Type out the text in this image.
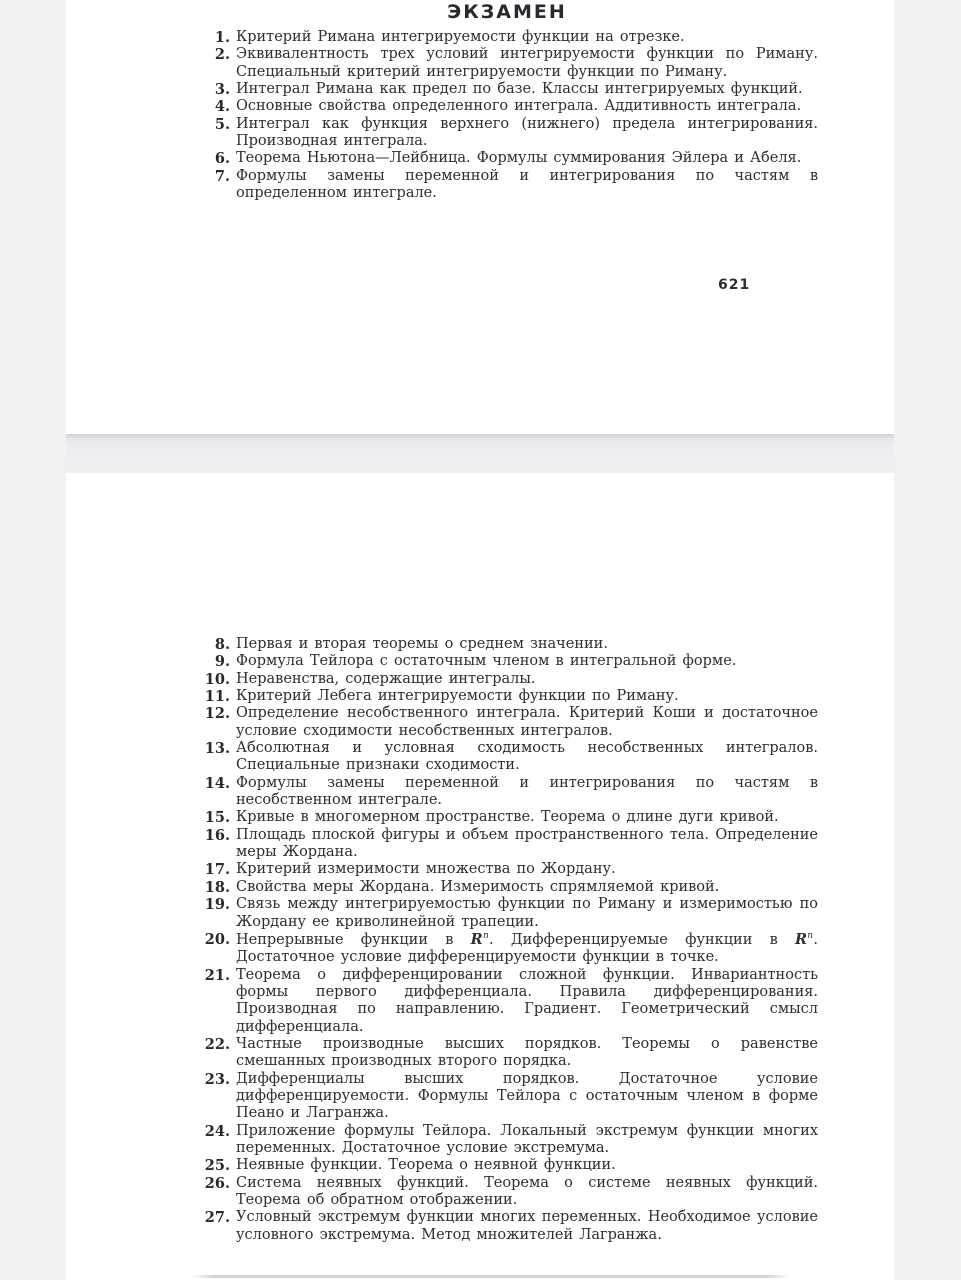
ЭКЗАМЕН
1. Критерий Римана интегрируемости функции на отрезке.
2. Эквивалентность трех условий интегрируемости функции по Риману. Специальный критерий интегрируемости функции по Риману.
3. Интеграл Римана как предел по базе. Классы интегрируемых функций.
4. Основные свойства определенного интеграла. Аддитивность интеграла.
5. Интеграл как функция верхнего (нижнего) предела интегрирования. Производная интеграла.
6. Теорема Ньютона—Лейбница. Формулы суммирования Эйлера и Абеля.
7. Формулы замены переменной и интегрирования по частям в определенном интеграле.
621
8. Первая и вторая теоремы о среднем значении.
9. Формула Тейлора с остаточным членом в интегральной форме.
10. Неравенства, содержащие интегралы.
11. Критерий Лебега интегрируемости функции по Риману.
12. Определение несобственного интеграла. Критерий Коши и достаточное условие сходимости несобственных интегралов.
13. Абсолютная и условная сходимость несобственных интегралов. Специальные признаки сходимости.
14. Формулы замены переменной и интегрирования по частям в несобственном интеграле.
15. Кривые в многомерном пространстве. Теорема о длине дуги кривой.
16. Площадь плоской фигуры и объем пространственного тела. Определение меры Жордана.
17. Критерий измеримости множества по Жордану.
18. Свойства меры Жордана. Измеримость спрямляемой кривой.
19. Связь между интегрируемостью функции по Риману и измеримостью по Жордану ее криволинейной трапеции.
20. Непрерывные функции в $R^n$. Дифференцируемые функции в $R^n$. Достаточное условие дифференцируемости функции в точке.
21. Теорема о дифференцировании сложной функции. Инвариантность формы первого дифференциала. Правила дифференцирования. Производная по направлению. Градиент. Геометрический смысл дифференциала.
22. Частные производные высших порядков. Теоремы о равенстве смешанных производных второго порядка.
23. Дифференциалы высших порядков. Достаточное условие дифференцируемости. Формулы Тейлора с остаточным членом в форме Пеано и Лагранжа.
24. Приложение формулы Тейлора. Локальный экстремум функции многих переменных. Достаточное условие экстремума.
25. Неявные функции. Теорема о неявной функции.
26. Система неявных функций. Теорема о системе неявных функций. Теорема об обратном отображении.
27. Условный экстремум функции многих переменных. Необходимое условие условного экстремума. Метод множителей Лагранжа.
